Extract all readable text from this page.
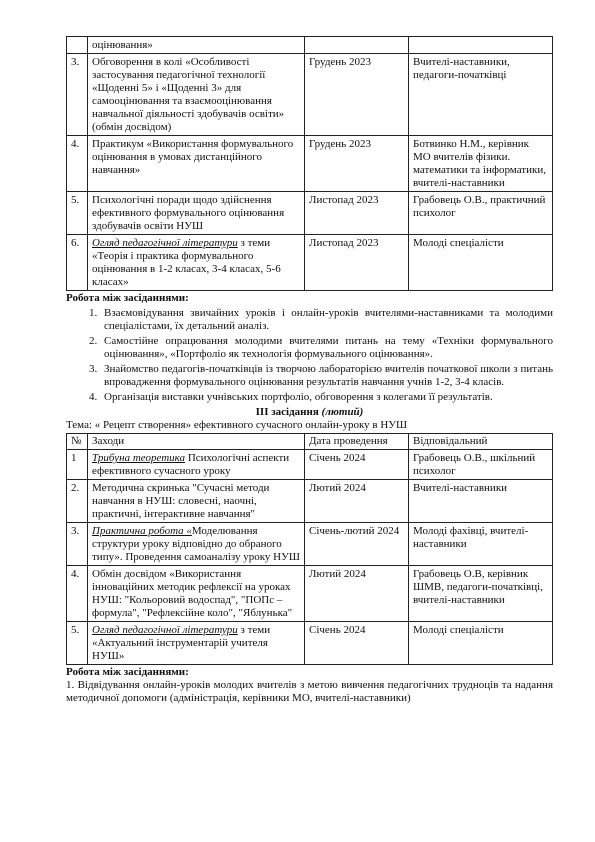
	оцінювання»		
3.	Обговорення в колі «Особливості застосування педагогічної технології «Щоденні 5» і «Щоденні 3» для самооцінювання та взаємооцінювання навчальної діяльності здобувачів освіти» (обмін досвідом)	Грудень 2023	Вчителі-наставники, педагоги-початківці
4.	Практикум «Використання формувального оцінювання в умовах дистанційного навчання»	Грудень 2023	Ботвинко Н.М., керівник МО вчителів фізики. математики та інформатики, вчителі-наставники
5.	Психологічні поради щодо здійснення ефективного формувального оцінювання здобувачів освіти НУШ	Листопад 2023	Грабовець О.В., практичний психолог
6.	Огляд педагогічної літератури з теми «Теорія і практика формувального оцінювання в 1-2 класах, 3-4 класах, 5-6 класах»	Листопад 2023	Молоді спеціалісти
Робота між засіданнями:
1. Взаємовідування звичайних уроків і онлайн-уроків вчителями-наставниками та молодими спеціалістами, їх детальний аналіз.
2. Самостійне опрацювання молодими вчителями питань на тему «Техніки формувального оцінювання», «Портфоліо як технологія формувального оцінювання».
3. Знайомство педагогів-початківців із творчою лабораторією вчителів початкової школи з питань впровадження формувального оцінювання результатів навчання учнів 1-2, 3-4 класів.
4. Організація виставки учнівських портфоліо, обговорення з колегами її результатів.
ІІІ засідання (лютий)
Тема: « Рецепт створення» ефективного сучасного онлайн-уроку в НУШ
№	Заходи	Дата проведення	Відповідальний
1	Трибуна теоретика Психологічні аспекти ефективного сучасного уроку	Січень 2024	Грабовець О.В., шкільний психолог
2.	Методична скринька "Сучасні методи навчання в НУШ: словесні, наочні, практичні, інтерактивне навчання"	Лютий 2024	Вчителі-наставники
3.	Практична робота «Моделювання структури уроку відповідно до обраного типу». Проведення самоаналізу уроку НУШ	Січень-лютий 2024	Молоді фахівці, вчителі-наставники
4.	Обмін досвідом «Використання інноваційних методик рефлексії на уроках НУШ: "Кольоровий водоспад", "ПОПс – формула", "Рефлексійне коло", "Яблунька"	Лютий 2024	Грабовець О.В, керівник ШМВ, педагоги-початківці, вчителі-наставники
5.	Огляд педагогічної літератури з теми «Актуальний інструментарій учителя НУШ»	Січень 2024	Молоді спеціалісти
Робота між засіданнями:
1. Відвідування онлайн-уроків молодих вчителів з метою вивчення педагогічних трудноців та надання методичної допомоги (адміністрація, керівники МО, вчителі-наставники)
